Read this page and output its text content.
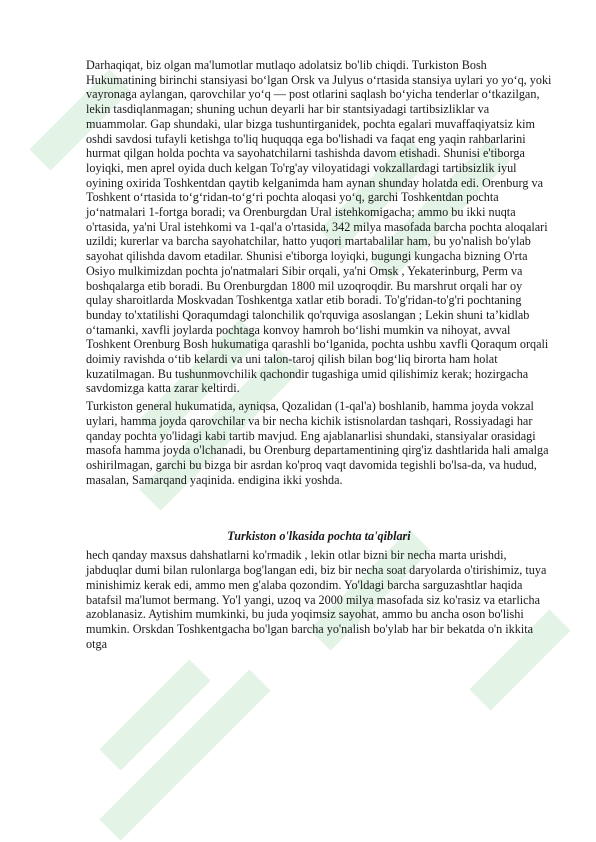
Darhaqiqat, biz olgan ma'lumotlar mutlaqo adolatsiz bo'lib chiqdi. Turkiston Bosh Hukumatining birinchi stansiyasi bo‘lgan Orsk va Julyus o‘rtasida stansiya uylari yo yo‘q, yoki vayronaga aylangan, qarovchilar yo‘q — post otlarini saqlash bo‘yicha tenderlar o‘tkazilgan, lekin tasdiqlanmagan; shuning uchun deyarli har bir stantsiyadagi tartibsizliklar va muammolar. Gap shundaki, ular bizga tushuntirganidek, pochta egalari muvaffaqiyatsiz kim oshdi savdosi tufayli ketishga to'liq huquqqa ega bo'lishadi va faqat eng yaqin rahbarlarini hurmat qilgan holda pochta va sayohatchilarni tashishda davom etishadi. Shunisi e'tiborga loyiqki, men aprel oyida duch kelgan To'rg'ay viloyatidagi vokzallardagi tartibsizlik iyul oyining oxirida Toshkentdan qaytib kelganimda ham aynan shunday holatda edi. Orenburg va Toshkent o‘rtasida to‘g‘ridan-to‘g‘ri pochta aloqasi yo‘q, garchi Toshkentdan pochta jo‘natmalari 1-fortga boradi; va Orenburgdan Ural istehkomigacha; ammo bu ikki nuqta o'rtasida, ya'ni Ural istehkomi va 1-qal'a o'rtasida, 342 milya masofada barcha pochta aloqalari uzildi; kurerlar va barcha sayohatchilar, hatto yuqori martabalilar ham, bu yo'nalish bo'ylab sayohat qilishda davom etadilar. Shunisi e'tiborga loyiqki, bugungi kungacha bizning O'rta Osiyo mulkimizdan pochta jo'natmalari Sibir orqali, ya'ni Omsk , Yekaterinburg, Perm va boshqalarga etib boradi. Bu Orenburgdan 1800 mil uzoqroqdir. Bu marshrut orqali har oy qulay sharoitlarda Moskvadan Toshkentga xatlar etib boradi. To'g'ridan-to'g'ri pochtaning bunday to'xtatilishi Qoraqumdagi talonchilik qo'rquviga asoslangan ; Lekin shuni ta’kidlab o‘tamanki, xavfli joylarda pochtaga konvoy hamroh bo‘lishi mumkin va nihoyat, avval Toshkent Orenburg Bosh hukumatiga qarashli bo‘lganida, pochta ushbu xavfli Qoraqum orqali doimiy ravishda o‘tib kelardi va uni talon-taroj qilish bilan bog‘liq birorta ham holat kuzatilmagan. Bu tushunmovchilik qachondir tugashiga umid qilishimiz kerak; hozirgacha savdomizga katta zarar keltirdi.

Turkiston general hukumatida, ayniqsa, Qozalidan (1-qal'a) boshlanib, hamma joyda vokzal uylari, hamma joyda qarovchilar va bir necha kichik istisnolardan tashqari, Rossiyadagi har qanday pochta yo'lidagi kabi tartib mavjud. Eng ajablanarlisi shundaki, stansiyalar orasidagi masofa hamma joyda o'lchanadi, bu Orenburg departamentining qirg'iz dashtlarida hali amalga oshirilmagan, garchi bu bizga bir asrdan ko'proq vaqt davomida tegishli bo'lsa-da, va hudud, masalan, Samarqand yaqinida. endigina ikki yoshda.

Turkiston o'lkasida pochta ta'qiblari

hech qanday maxsus dahshatlarni ko'rmadik , lekin otlar bizni bir necha marta urishdi, jabduqlar dumi bilan rulonlarga bog'langan edi, biz bir necha soat daryolarda o'tirishimiz, tuya minishimiz kerak edi, ammo men g'alaba qozondim. Yo'ldagi barcha sarguzashtlar haqida batafsil ma'lumot bermang. Yo'l yangi, uzoq va 2000 milya masofada siz ko'rasiz va etarlicha azoblanasiz. Aytishim mumkinki, bu juda yoqimsiz sayohat, ammo bu ancha oson bo'lishi mumkin. Orskdan Toshkentgacha bo'lgan barcha yo'nalish bo'ylab har bir bekatda o'n ikkita otga
